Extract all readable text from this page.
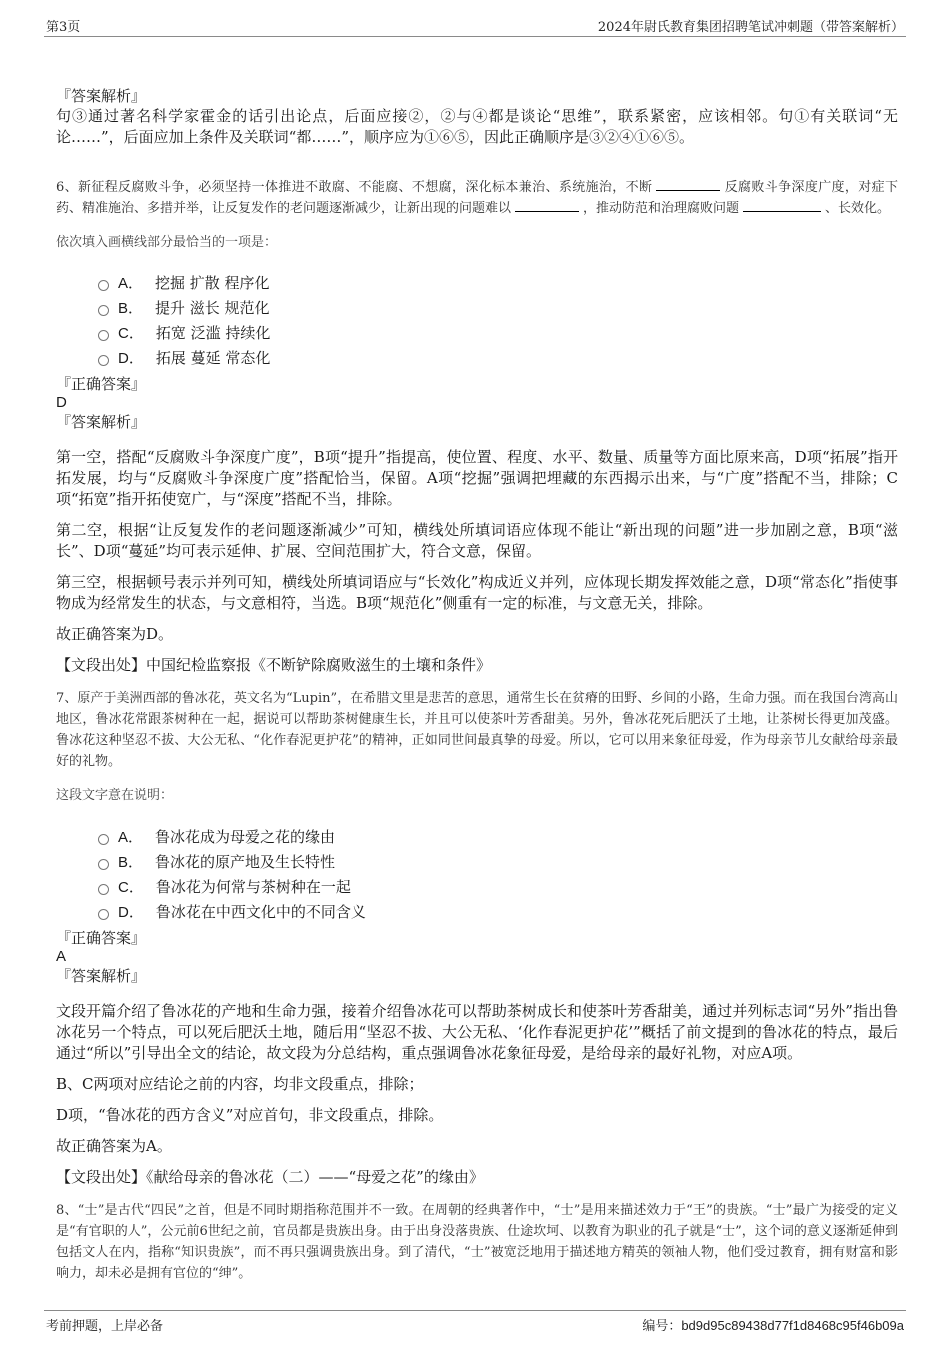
第3页	2024年尉氏教育集团招聘笔试冲刺题（带答案解析）
『答案解析』

句③通过著名科学家霍金的话引出论点，后面应接②，②与④都是谈论“思维”，联系紧密，应该相邻。句①有关联词“无论……”，后面应加上条件及关联词“都……”，顺序应为①⑥⑤，因此正确顺序是③②④①⑥⑤。

6、新征程反腐败斗争，必须坚持一体推进不敢腐、不能腐、不想腐，深化标本兼治、系统施治，不断	反腐败斗争深度广度，对症下药、精准施治、多措并举，让反复发作的老问题逐渐减少，让新出现的问题难以	，推动防范和治理腐败问题	、长效化。

依次填入画横线部分最恰当的一项是：
A． 挖掘 扩散 程序化
B． 提升 滋长 规范化
C． 拓宽 泛滥 持续化
D． 拓展 蔓延 常态化
『正确答案』
D
『答案解析』

第一空，搭配“反腐败斗争深度广度”，B项“提升”指提高，使位置、程度、水平、数量、质量等方面比原来高，D项“拓展”指开拓发展，均与“反腐败斗争深度广度”搭配恰当，保留。A项“挖掘”强调把埋藏的东西揭示出来，与“广度”搭配不当，排除；C项“拓宽”指开拓使宽广，与“深度”搭配不当，排除。

第二空，根据“让反复发作的老问题逐渐减少”可知，横线处所填词语应体现不能让“新出现的问题”进一步加剧之意，B项“滋长”、D项“蔓延”均可表示延伸、扩展、空间范围扩大，符合文意，保留。

第三空，根据顿号表示并列可知，横线处所填词语应与“长效化”构成近义并列，应体现长期发挥效能之意，D项“常态化”指使事物成为经常发生的状态，与文意相符，当选。B项“规范化”侧重有一定的标准，与文意无关，排除。

故正确答案为D。

【文段出处】中国纪检监察报《不断铲除腐败滋生的土壤和条件》

7、原产于美洲西部的鲁冰花，英文名为“Lupin”，在希腊文里是悲苦的意思，通常生长在贫瘠的田野、乡间的小路，生命力强。而在我国台湾高山地区，鲁冰花常跟茶树种在一起，据说可以帮助茶树健康生长，并且可以使茶叶芳香甜美。另外，鲁冰花死后肥沃了土地，让茶树长得更加茂盛。鲁冰花这种坚忍不拔、大公无私、“化作春泥更护花”的精神，正如同世间最真挚的母爱。所以，它可以用来象征母爱，作为母亲节儿女献给母亲最好的礼物。

这段文字意在说明：
A． 鲁冰花成为母爱之花的缘由
B． 鲁冰花的原产地及生长特性
C． 鲁冰花为何常与茶树种在一起
D． 鲁冰花在中西文化中的不同含义
『正确答案』
A
『答案解析』

文段开篇介绍了鲁冰花的产地和生命力强，接着介绍鲁冰花可以帮助茶树成长和使茶叶芳香甜美，通过并列标志词“另外”指出鲁冰花另一个特点，可以死后肥沃土地，随后用“坚忍不拔、大公无私、‘化作春泥更护花’”概括了前文提到的鲁冰花的特点，最后通过“所以”引导出全文的结论，故文段为分总结构，重点强调鲁冰花象征母爱，是给母亲的最好礼物，对应A项。

B、C两项对应结论之前的内容，均非文段重点，排除；

D项，“鲁冰花的西方含义”对应首句，非文段重点，排除。

故正确答案为A。

【文段出处】《献给母亲的鲁冰花（二）——“母爱之花”的缘由》

8、“士”是古代“四民”之首，但是不同时期指称范围并不一致。在周朝的经典著作中，“士”是用来描述效力于“王”的贵族。“士”最广为接受的定义是“有官职的人”，公元前6世纪之前，官员都是贵族出身。由于出身没落贵族、仕途坎坷、以教育为职业的孔子就是“士”，这个词的意义逐渐延伸到包括文人在内，指称“知识贵族”，而不再只强调贵族出身。到了清代，“士”被宽泛地用于描述地方精英的领袖人物，他们受过教育，拥有财富和影响力，却未必是拥有官位的“绅”。

考前押题，上岸必备	编号：bd9d95c89438d77f1d8468c95f46b09a
